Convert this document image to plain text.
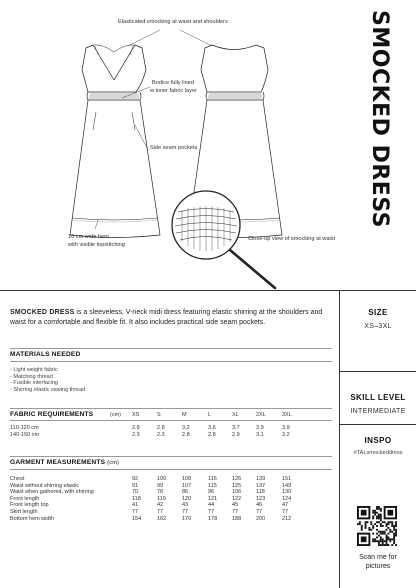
Elasticated smocking at waist and shoulders
Bodice fully lined
w inner fabric layer
Side seam pockets
10 cm wide hem
with visible topstitching
Close-up view of smocking at waist
SMOCKED DRESS

SMOCKED DRESS is a sleeveless, V-neck midi dress featuring elastic shirring at the shoulders and waist for a comfortable and flexible fit. It also includes practical side seam pockets.

MATERIALS NEEDED
- Light weight fabric
- Matching thread
- Fusible interfacing
- Shirring elastic sewing thread
FABRIC REQUIREMENTS	(cm) XS	S	M	L	XL	2XL	3XL
110-120 cm	2.8	2.8	3.2	3.6	3.7	3.9	3.9
140-150 cm	2.3	2.3	2.8	2.8	2.9	3.1	3.2
GARMENT MEASUREMENTS (cm)
Chest	92	100	108	116	126	139	151
Waist without shirring elastic	91	99	107	115	125	137	149
Waist when gathered, with shirring	70	78	86	96	106	118	130
Front length	118	119	120	121	122	123	124
Front length top	41	42	43	44	45	46	47
Skirt length	77	77	77	77	77	77	77
Bottom hem width	154	162	170	178	188	200	212
SIZE
XS–3XL
SKILL LEVEL
INTERMEDIATE
INSPO
#TALsmockeddress
Scan me for
pictures
